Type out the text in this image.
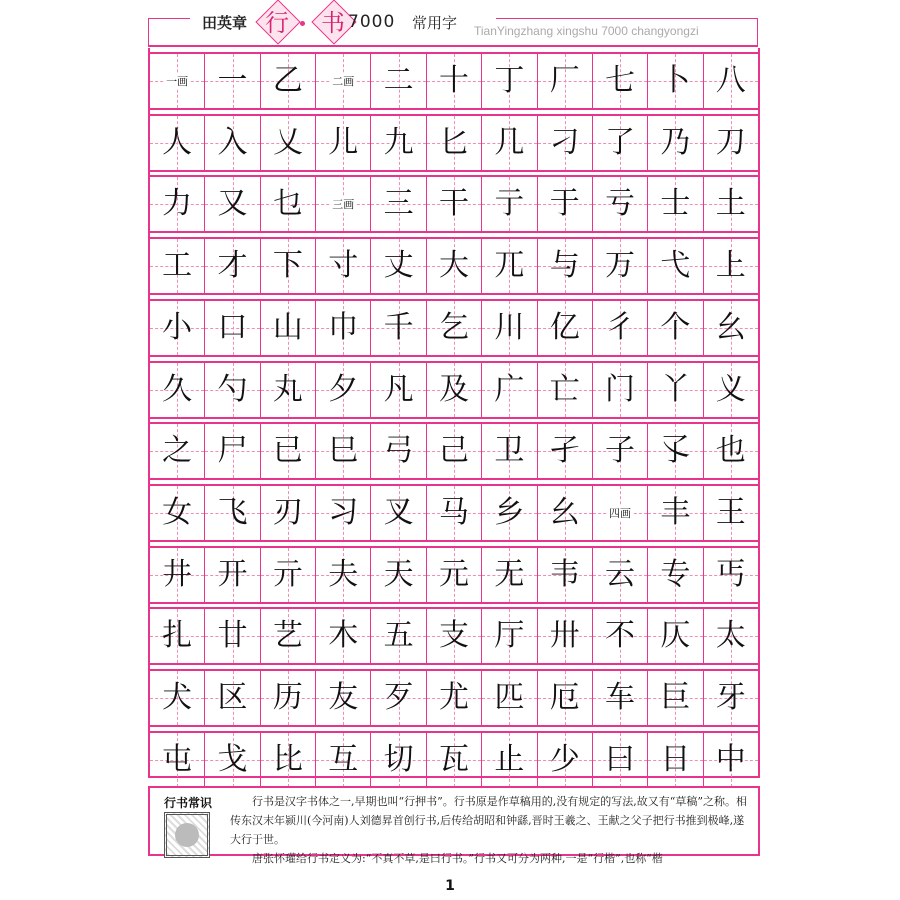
田英章 行	书 7000 常用字 TianYingzhang xingshu 7000 changyongzi
一画 一 乙	二画 二 十 丁 厂 七 卜 八
人 入 乂 儿 九 匕 几 刁 了 乃 刀
力 又 乜	三画 三 干 亍 于 亏 士 土
工 才 下 寸 丈 大 兀 与 万 弋 上
小 口 山 巾 千 乞 川 亿 彳 个 幺
久 勺 丸 夕 凡 及 广 亡 门 丫 义
之 尸 已 巳 弓 己 卫 孑 子 孓 也
女 飞 刃 习 叉 马 乡 幺	四画 丰 王
井 开 亓 夫 天 元 无 韦 云 专 丐
扎 廿 艺 木 五 支 厅 卅 不 仄 太
犬 区 历 友 歹 尤 匹 厄 车 巨 牙
屯 戈 比 互 切 瓦 止 少 曰 日 中
行书常识	行书是汉字书体之一,早期也叫“行押书”。行书原是作草稿用的,没有规定的写法,故又有“草稿”之称。相传东汉末年颍川(今河南)人刘德昇首创行书,后传给胡昭和钟繇,晋时王羲之、王献之父子把行书推到极峰,遂大行于世。

唐张怀瓘给行书定义为:“不真不草,是曰行书。”行书又可分为两种,一是“行楷”,也称“楷

1
